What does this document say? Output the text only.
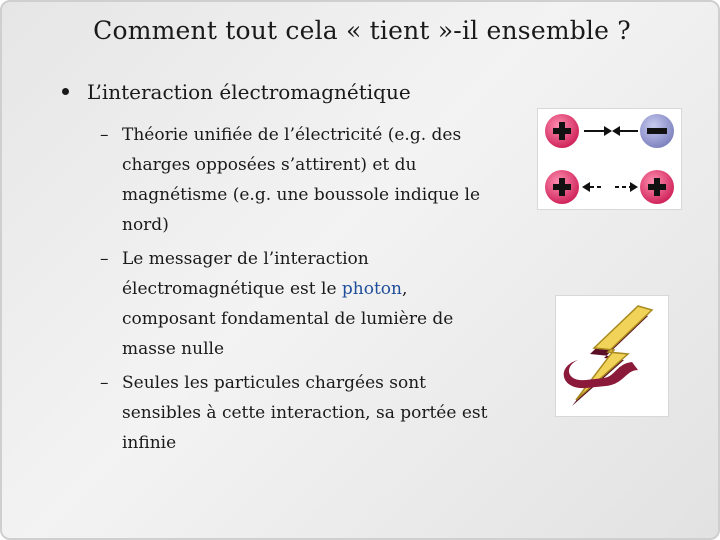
Comment tout cela « tient »-il ensemble ?
L’interaction électromagnétique
– Théorie unifiée de l’électricité (e.g. des charges opposées s’attirent) et du magnétisme (e.g. une boussole indique le nord)
– Le messager de l’interaction électromagnétique est le photon, composant fondamental de lumière de masse nulle
– Seules les particules chargées sont sensibles à cette interaction, sa portée est infinie
